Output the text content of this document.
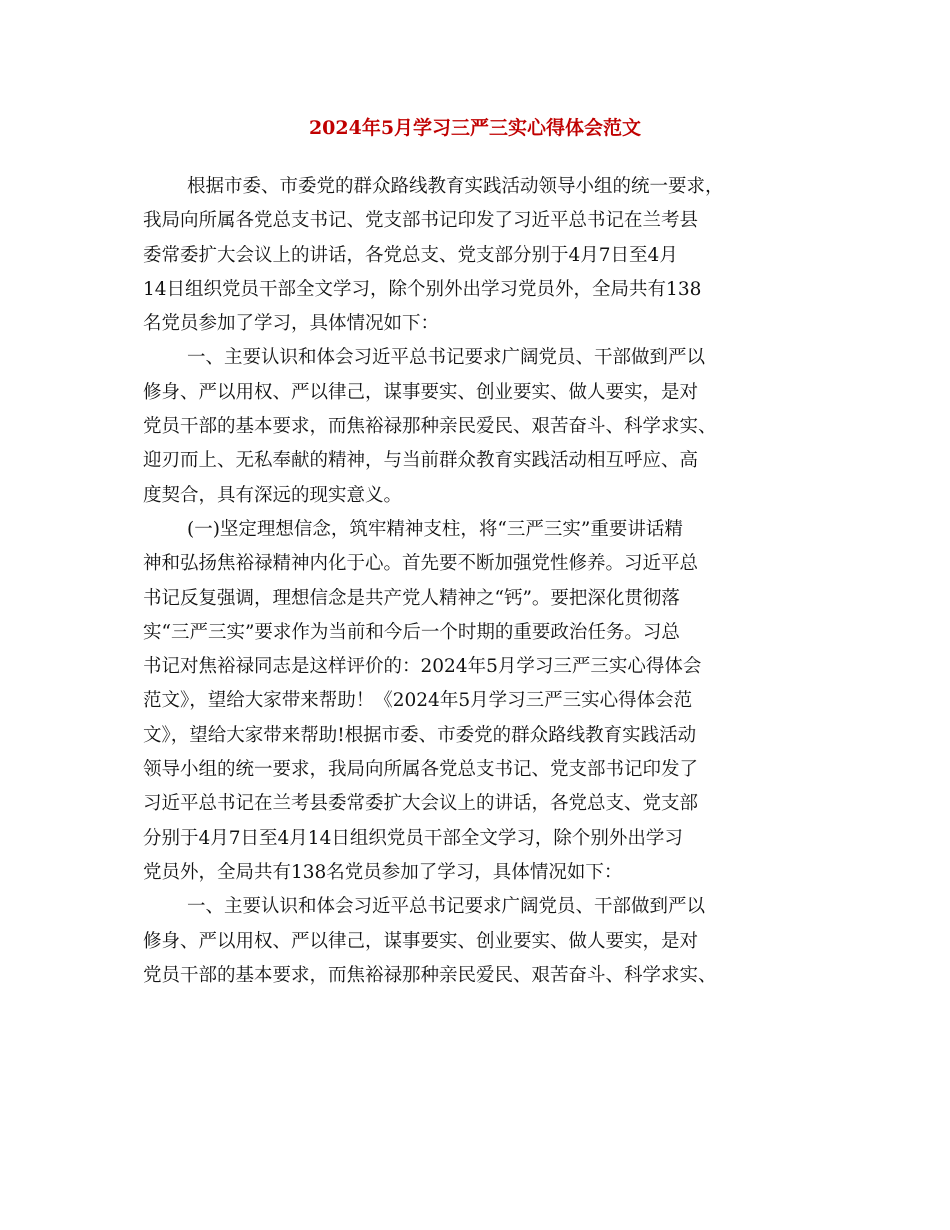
2024年5月学习三严三实心得体会范文
根据市委、市委党的群众路线教育实践活动领导小组的统一要求，
我局向所属各党总支书记、党支部书记印发了习近平总书记在兰考县
委常委扩大会议上的讲话，各党总支、党支部分别于4月7日至4月
14日组织党员干部全文学习，除个别外出学习党员外，全局共有138
名党员参加了学习，具体情况如下：
一、主要认识和体会习近平总书记要求广阔党员、干部做到严以
修身、严以用权、严以律己，谋事要实、创业要实、做人要实，是对
党员干部的基本要求，而焦裕禄那种亲民爱民、艰苦奋斗、科学求实、
迎刃而上、无私奉献的精神，与当前群众教育实践活动相互呼应、高
度契合，具有深远的现实意义。
(一)坚定理想信念，筑牢精神支柱，将“三严三实”重要讲话精
神和弘扬焦裕禄精神内化于心。首先要不断加强党性修养。习近平总
书记反复强调，理想信念是共产党人精神之“钙”。要把深化贯彻落
实“三严三实”要求作为当前和今后一个时期的重要政治任务。习总
书记对焦裕禄同志是这样评价的：2024年5月学习三严三实心得体会
范文》，望给大家带来帮助！《2024年5月学习三严三实心得体会范
文》，望给大家带来帮助!根据市委、市委党的群众路线教育实践活动
领导小组的统一要求，我局向所属各党总支书记、党支部书记印发了
习近平总书记在兰考县委常委扩大会议上的讲话，各党总支、党支部
分别于4月7日至4月14日组织党员干部全文学习，除个别外出学习
党员外，全局共有138名党员参加了学习，具体情况如下：
一、主要认识和体会习近平总书记要求广阔党员、干部做到严以
修身、严以用权、严以律己，谋事要实、创业要实、做人要实，是对
党员干部的基本要求，而焦裕禄那种亲民爱民、艰苦奋斗、科学求实、
